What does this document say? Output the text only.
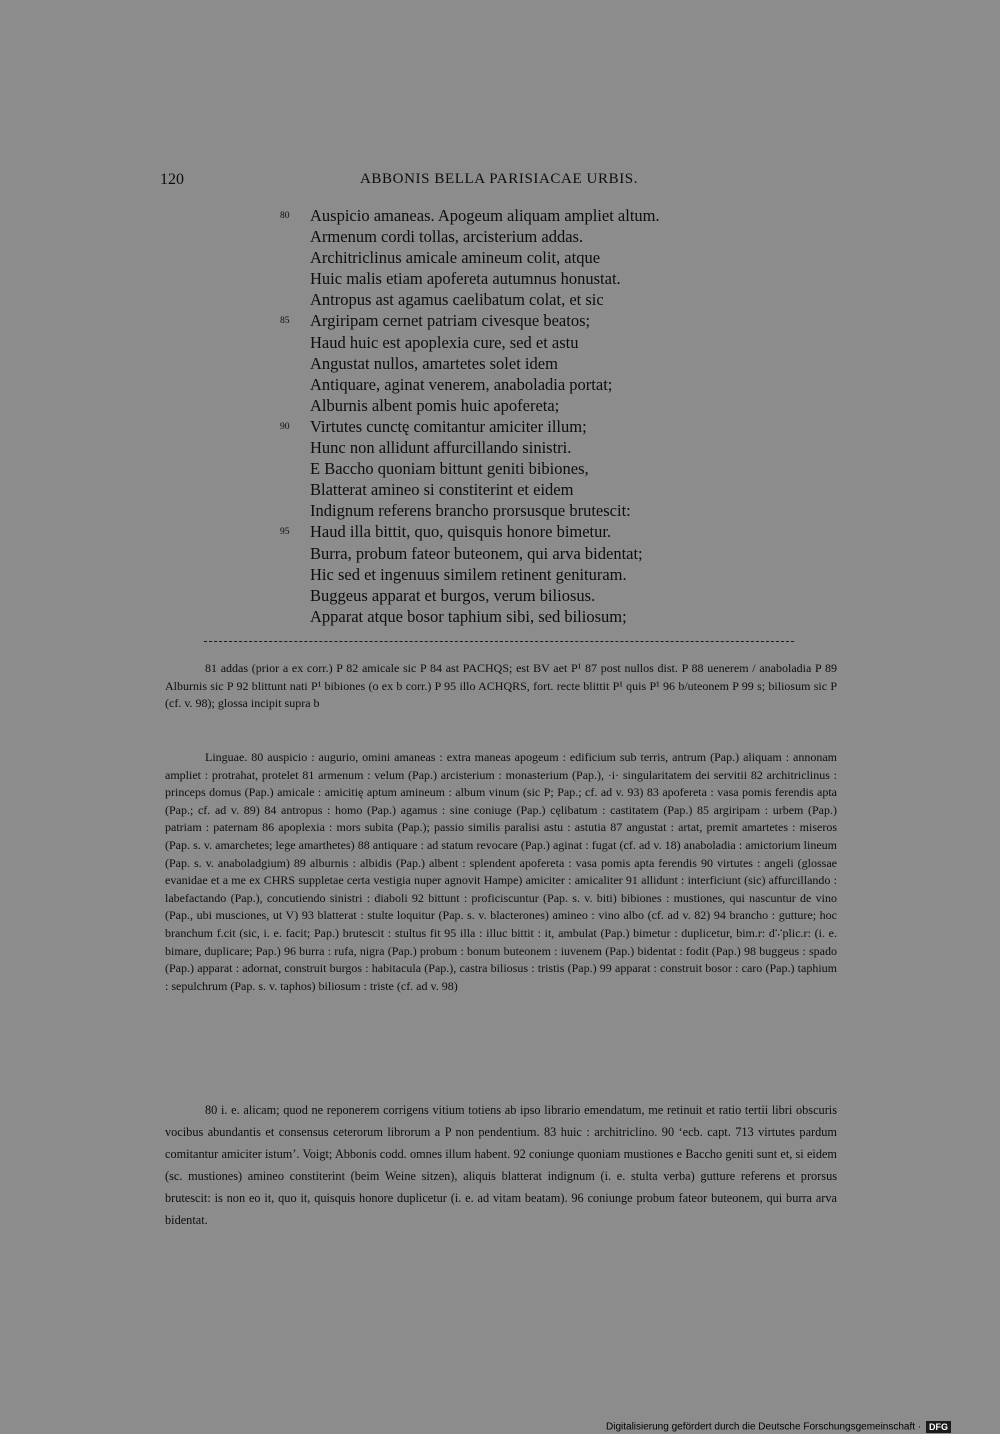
120	ABBONIS BELLA PARISIACAE URBIS.
80	Auspicio amaneas. Apogeum aliquam ampliet altum.
Armenum cordi tollas, arcisterium addas.
Architriclinus amicale amineum colit, atque
Huic malis etiam apofereta autumnus honustat.
Antropus ast agamus caelibatum colat, et sic
85	Argiripam cernet patriam civesque beatos;
Haud huic est apoplexia cure, sed et astu
Angustat nullos, amartetes solet idem
Antiquare, aginat venerem, anaboladia portat;
Alburnis albent pomis huic apofereta;
90	Virtutes cunctę comitantur amiciter illum;
Hunc non allidunt affurcillando sinistri.
E Baccho quoniam bittunt geniti bibiones,
Blatterat amineo si constiterint et eidem
Indignum referens brancho prorsusque brutescit:
95	Haud illa bittit, quo, quisquis honore bimetur.
Burra, probum fateor buteonem, qui arva bidentat;
Hic sed et ingenuus similem retinent genituram.
Buggeus apparat et burgos, verum biliosus.
Apparat atque bosor taphium sibi, sed biliosum;

81 addas (prior a ex corr.) P 82 amicale sic P 84 ast PACHQS; est BV aet P¹ 87 post nullos dist. P 88 uenerem / anaboladia P 89 Alburnis sic P 92 blittunt nati P¹ bibiones (o ex b corr.) P 95 illo ACHQRS, fort. recte blittit P¹ quis P¹ 96 b/uteonem P 99 s; biliosum sic P (cf. v. 98); glossa incipit supra b

Linguae. 80 auspicio : augurio, omini amaneas : extra maneas apogeum : edificium sub terris, antrum (Pap.) aliquam : annonam ampliet : protrahat, protelet 81 armenum : velum (Pap.) arcisterium : monasterium (Pap.), ·i· singularitatem dei servitii 82 architriclinus : princeps domus (Pap.) amicale : amicitię aptum amineum : album vinum (sic P; Pap.; cf. ad v. 93) 83 apofereta : vasa pomis ferendis apta (Pap.; cf. ad v. 89) 84 antropus : homo (Pap.) agamus : sine coniuge (Pap.) cęlibatum : castitatem (Pap.) 85 argiripam : urbem (Pap.) patriam : paternam 86 apoplexia : mors subita (Pap.); passio similis paralisi astu : astutia 87 angustat : artat, premit amartetes : miseros (Pap. s. v. amarchetes; lege amarthetes) 88 antiquare : ad statum revocare (Pap.) aginat : fugat (cf. ad v. 18) anaboladia : amictorium lineum (Pap. s. v. anaboladgium) 89 alburnis : albidis (Pap.) albent : splendent apofereta : vasa pomis apta ferendis 90 virtutes : angeli (glossae evanidae et a me ex CHRS suppletae certa vestigia nuper agnovit Hampe) amiciter : amicaliter 91 allidunt : interficiunt (sic) affurcillando : labefactando (Pap.), concutiendo sinistri : diaboli 92 bittunt : proficiscuntur (Pap. s. v. biti) bibiones : mustiones, qui nascuntur de vino (Pap., ubi musciones, ut V) 93 blatterat : stulte loquitur (Pap. s. v. blacterones) amineo : vino albo (cf. ad v. 82) 94 brancho : gutture; hoc branchum f.cit (sic, i. e. facit; Pap.) brutescit : stultus fit 95 illa : illuc bittit : it, ambulat (Pap.) bimetur : duplicetur, bim.r: d∵plic.r: (i. e. bimare, duplicare; Pap.) 96 burra : rufa, nigra (Pap.) probum : bonum buteonem : iuvenem (Pap.) bidentat : fodit (Pap.) 98 buggeus : spado (Pap.) apparat : adornat, construit burgos : habitacula (Pap.), castra biliosus : tristis (Pap.) 99 apparat : construit bosor : caro (Pap.) taphium : sepulchrum (Pap. s. v. taphos) biliosum : triste (cf. ad v. 98)

80 i. e. alicam; quod ne reponerem corrigens vitium totiens ab ipso librario emendatum, me retinuit et ratio tertii libri obscuris vocibus abundantis et consensus ceterorum librorum a P non pendentium. 83 huic : architriclino. 90 ‘ecb. capt. 713 virtutes pardum comitantur amiciter istum’. Voigt; Abbonis codd. omnes illum habent. 92 coniunge quoniam mustiones e Baccho geniti sunt et, si eidem (sc. mustiones) amineo constiterint (beim Weine sitzen), aliquis blatterat indignum (i. e. stulta verba) gutture referens et prorsus brutescit: is non eo it, quo it, quisquis honore duplicetur (i. e. ad vitam beatam). 96 coniunge probum fateor buteonem, qui burra arva bidentat.

Digitalisierung gefördert durch die Deutsche Forschungsgemeinschaft · DFG
